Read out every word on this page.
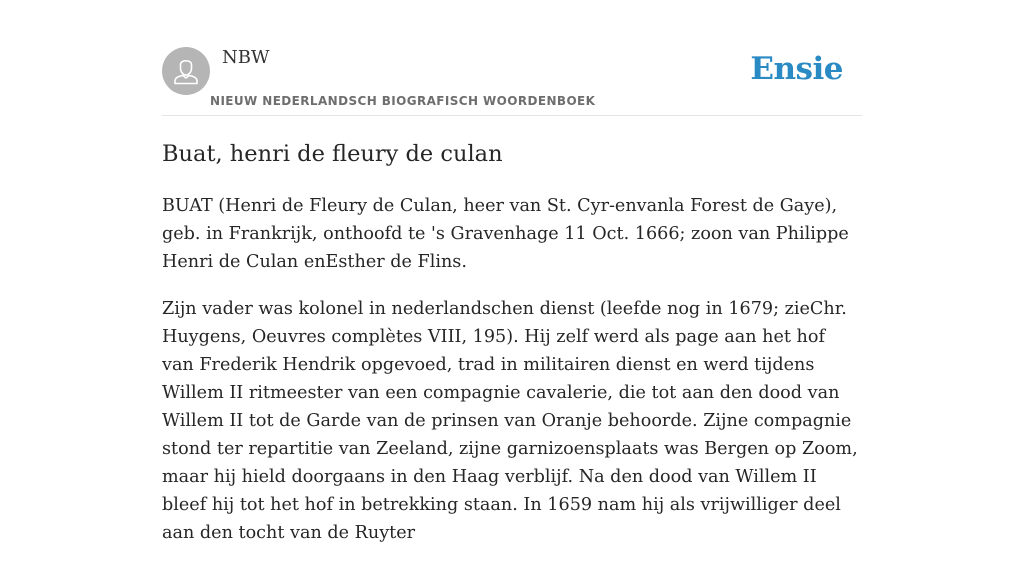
NBW
NIEUW NEDERLANDSCH BIOGRAFISCH WOORDENBOEK
Ensie
Buat, henri de fleury de culan

BUAT (Henri de Fleury de Culan, heer van St. Cyr-envanla Forest de Gaye), geb. in Frankrijk, onthoofd te 's Gravenhage 11 Oct. 1666; zoon van Philippe Henri de Culan enEsther de Flins.

Zijn vader was kolonel in nederlandschen dienst (leefde nog in 1679; zieChr. Huygens, Oeuvres complètes VIII, 195). Hij zelf werd als page aan het hof van Frederik Hendrik opgevoed, trad in militairen dienst en werd tijdens Willem II ritmeester van een compagnie cavalerie, die tot aan den dood van Willem II tot de Garde van de prinsen van Oranje behoorde. Zijne compagnie stond ter repartitie van Zeeland, zijne garnizoensplaats was Bergen op Zoom, maar hij hield doorgaans in den Haag verblijf. Na den dood van Willem II bleef hij tot het hof in betrekking staan. In 1659 nam hij als vrijwilliger deel aan den tocht van de Ruyter
